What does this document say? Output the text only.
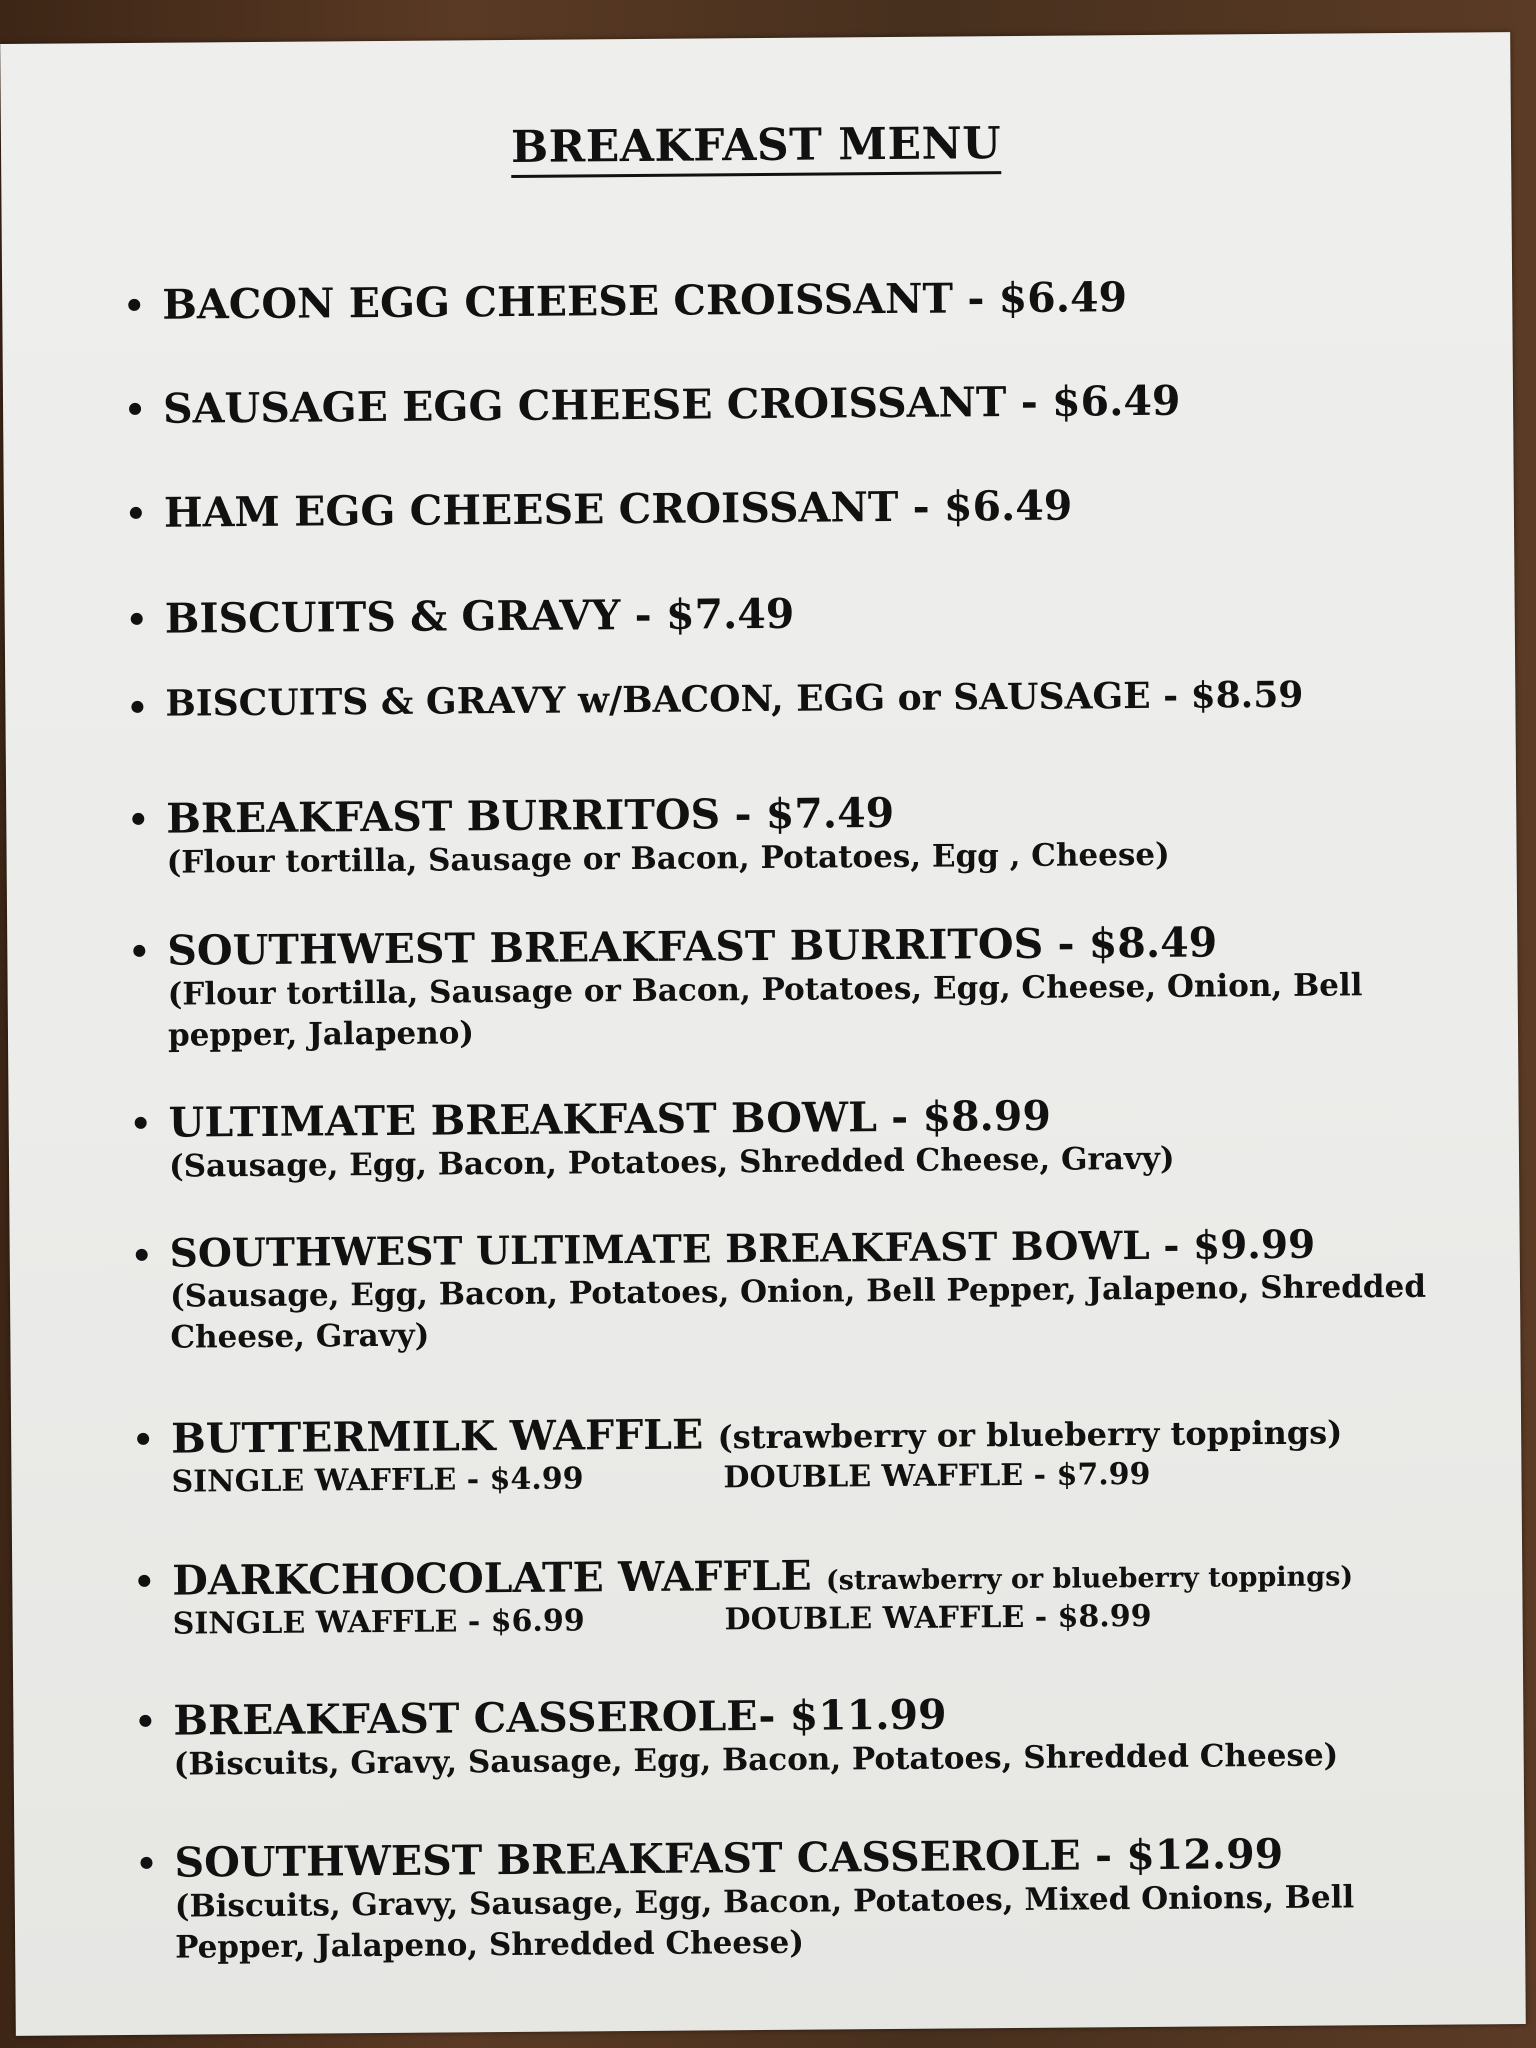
BREAKFAST MENU
BACON EGG CHEESE CROISSANT - $6.49
SAUSAGE EGG CHEESE CROISSANT - $6.49
HAM EGG CHEESE CROISSANT - $6.49
BISCUITS & GRAVY - $7.49
BISCUITS & GRAVY w/BACON, EGG or SAUSAGE - $8.59
BREAKFAST BURRITOS - $7.49
(Flour tortilla, Sausage or Bacon, Potatoes, Egg , Cheese)
SOUTHWEST BREAKFAST BURRITOS - $8.49
(Flour tortilla, Sausage or Bacon, Potatoes, Egg, Cheese, Onion, Bell pepper, Jalapeno)
ULTIMATE BREAKFAST BOWL - $8.99
(Sausage, Egg, Bacon, Potatoes, Shredded Cheese, Gravy)
SOUTHWEST ULTIMATE BREAKFAST BOWL - $9.99
(Sausage, Egg, Bacon, Potatoes, Onion, Bell Pepper, Jalapeno, Shredded Cheese, Gravy)
BUTTERMILK WAFFLE (strawberry or blueberry toppings)
SINGLE WAFFLE - $4.99	DOUBLE WAFFLE - $7.99
DARKCHOCOLATE WAFFLE (strawberry or blueberry toppings)
SINGLE WAFFLE - $6.99	DOUBLE WAFFLE - $8.99
BREAKFAST CASSEROLE- $11.99
(Biscuits, Gravy, Sausage, Egg, Bacon, Potatoes, Shredded Cheese)
SOUTHWEST BREAKFAST CASSEROLE - $12.99
(Biscuits, Gravy, Sausage, Egg, Bacon, Potatoes, Mixed Onions, Bell Pepper, Jalapeno, Shredded Cheese)
